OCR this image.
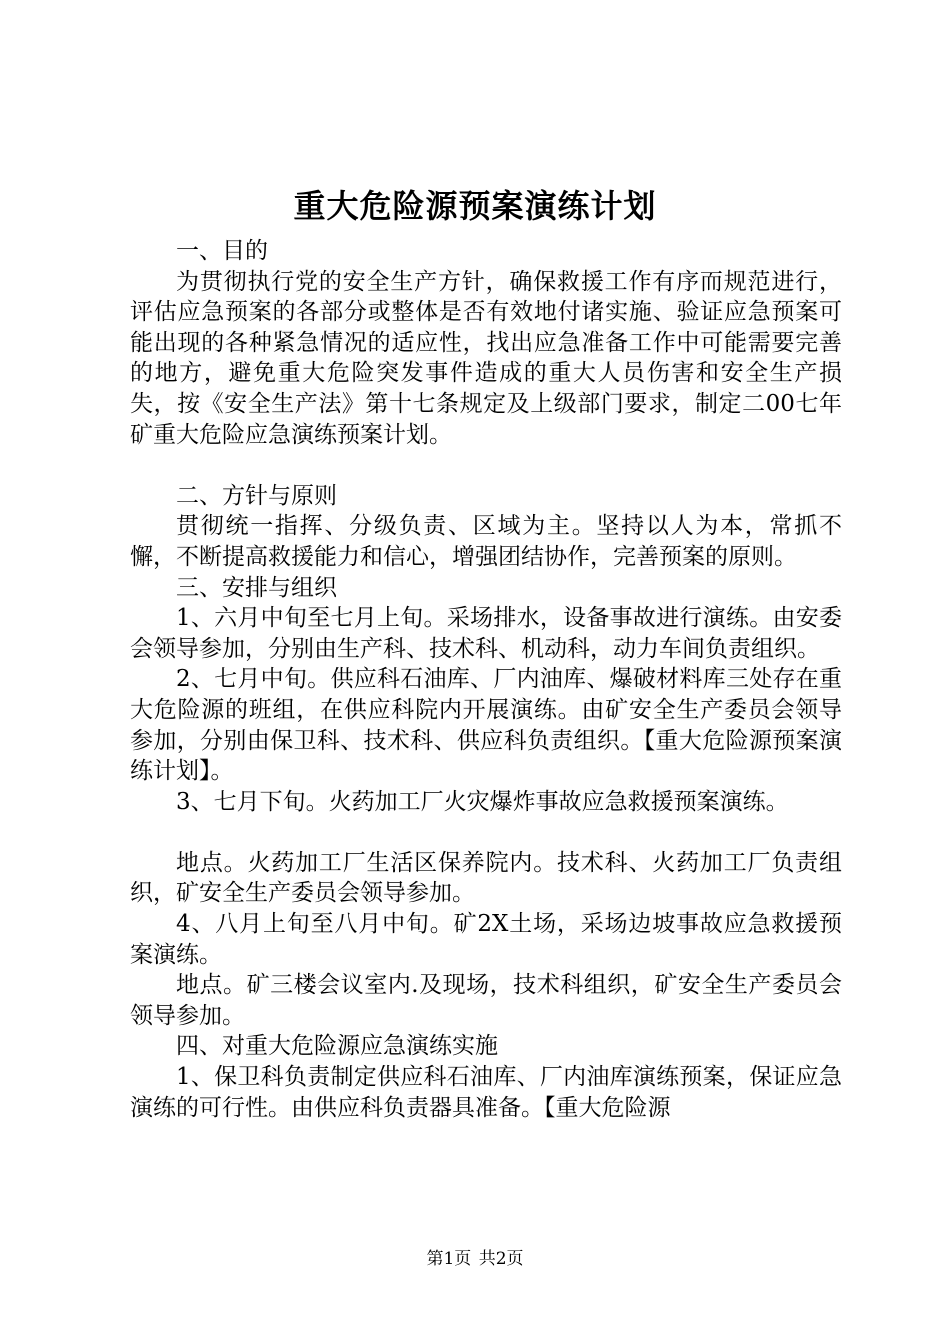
重大危险源预案演练计划

一、目的

为贯彻执行党的安全生产方针，确保救援工作有序而规范进行，评估应急预案的各部分或整体是否有效地付诸实施、验证应急预案可能出现的各种紧急情况的适应性，找出应急准备工作中可能需要完善的地方，避免重大危险突发事件造成的重大人员伤害和安全生产损失，按《安全生产法》第十七条规定及上级部门要求，制定二00七年矿重大危险应急演练预案计划。

二、方针与原则

贯彻统一指挥、分级负责、区域为主。坚持以人为本，常抓不懈，不断提高救援能力和信心，增强团结协作，完善预案的原则。

三、安排与组织

1、六月中旬至七月上旬。采场排水，设备事故进行演练。由安委会领导参加，分别由生产科、技术科、机动科，动力车间负责组织。

2、七月中旬。供应科石油库、厂内油库、爆破材料库三处存在重大危险源的班组，在供应科院内开展演练。由矿安全生产委员会领导参加，分别由保卫科、技术科、供应科负责组织。【重大危险源预案演练计划】。

3、七月下旬。火药加工厂火灾爆炸事故应急救援预案演练。

地点。火药加工厂生活区保养院内。技术科、火药加工厂负责组织，矿安全生产委员会领导参加。

4、八月上旬至八月中旬。矿2X土场，采场边坡事故应急救援预案演练。

地点。矿三楼会议室内.及现场，技术科组织，矿安全生产委员会领导参加。

四、对重大危险源应急演练实施

1、保卫科负责制定供应科石油库、厂内油库演练预案，保证应急演练的可行性。由供应科负责器具准备。【重大危险源

第1页 共2页
